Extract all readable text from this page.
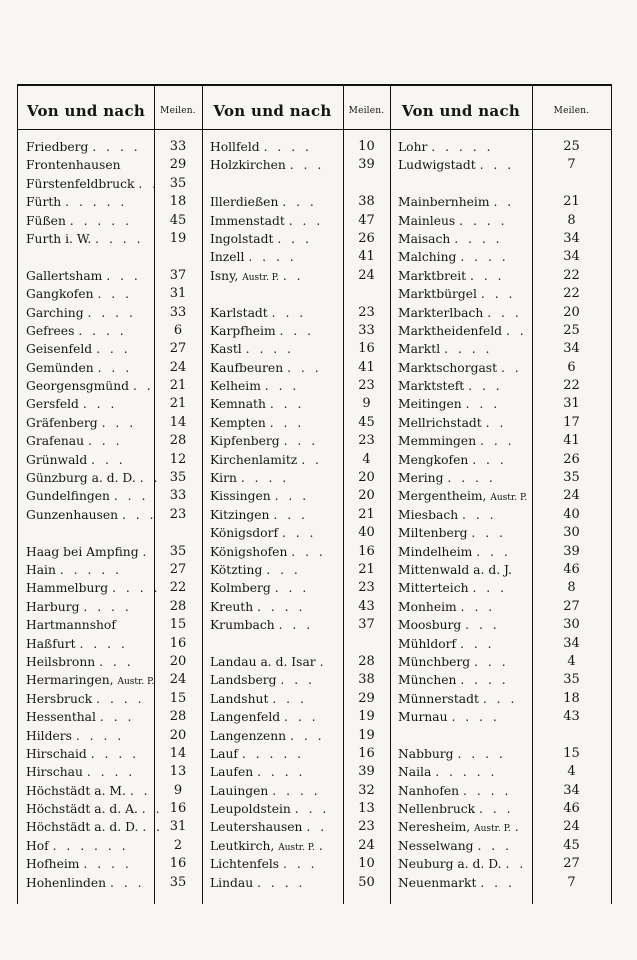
Von und nach
Friedberg . . . .
Frontenhausen
Fürstenfeldbruck . .
Fürth . . . . .
Füßen . . . . .
Furth i. W. . . . .
Gallertsham . . .
Gangkofen . . .
Garching . . . .
Gefrees . . . .
Geisenfeld . . .
Gemünden . . .
Georgensgmünd . .
Gersfeld . . .
Gräfenberg . . .
Grafenau . . .
Grünwald . . .
Günzburg a. d. D. . .
Gundelfingen . . .
Gunzenhausen . . .
Haag bei Ampfing .
Hain . . . . .
Hammelburg . . . .
Harburg . . . .
Hartmannshof
Haßfurt . . . .
Heilsbronn . . .
Hermaringen, Austr. P.
Hersbruck . . . .
Hessenthal . . .
Hilders . . . .
Hirschaid . . . .
Hirschau . . . .
Höchstädt a. M. . .
Höchstädt a. d. A. . .
Höchstädt a. d. D. . .
Hof . . . . . .
Hofheim . . . .
Hohenlinden . . .
Meilen.
33
29
35
18
45
19
37
31
33
6
27
24
21
21
14
28
12
35
33
23
35
27
22
28
15
16
20
24
15
28
20
14
13
9
16
31
2
16
35
Von und nach
Hollfeld . . . .
Holzkirchen . . .
Illerdießen . . .
Immenstadt . . .
Ingolstadt . . .
Inzell . . . .
Isny, Austr. P. . .
Karlstadt . . .
Karpfheim . . .
Kastl . . . .
Kaufbeuren . . .
Kelheim . . .
Kemnath . . .
Kempten . . .
Kipfenberg . . .
Kirchenlamitz . .
Kirn . . . .
Kissingen . . .
Kitzingen . . .
Königsdorf . . .
Königshofen . . .
Kötzting . . .
Kolmberg . . .
Kreuth . . . .
Krumbach . . .
Landau a. d. Isar .
Landsberg . . .
Landshut . . .
Langenfeld . . .
Langenzenn . . .
Lauf . . . . .
Laufen . . . .
Lauingen . . . .
Leupoldstein . . .
Leutershausen . .
Leutkirch, Austr. P. .
Lichtenfels . . .
Lindau . . . .
Meilen.
10
39
38
47
26
41
24
23
33
16
41
23
9
45
23
4
20
20
21
40
16
21
23
43
37
28
38
29
19
19
16
39
32
13
23
24
10
50
Von und nach
Lohr . . . . .
Ludwigstadt . . .
Mainbernheim . .
Mainleus . . . .
Maisach . . . .
Malching . . . .
Marktbreit . . .
Marktbürgel . . .
Markterlbach . . .
Marktheidenfeld . .
Marktl . . . .
Marktschorgast . .
Marktsteft . . .
Meitingen . . .
Mellrichstadt . .
Memmingen . . .
Mengkofen . . .
Mering . . . .
Mergentheim, Austr. P.
Miesbach . . .
Miltenberg . . .
Mindelheim . . .
Mittenwald a. d. J.
Mitterteich . . .
Monheim . . .
Moosburg . . .
Mühldorf . . .
Münchberg . . .
München . . . .
Münnerstadt . . .
Murnau . . . .
Nabburg . . . .
Naila . . . . .
Nanhofen . . . .
Nellenbruck . . .
Neresheim, Austr. P. .
Nesselwang . . .
Neuburg a. d. D. . .
Neuenmarkt . . .
Meilen.
25
7
21
8
34
34
22
22
20
25
34
6
22
31
17
41
26
35
24
40
30
39
46
8
27
30
34
4
35
18
43
15
4
34
46
24
45
27
7
